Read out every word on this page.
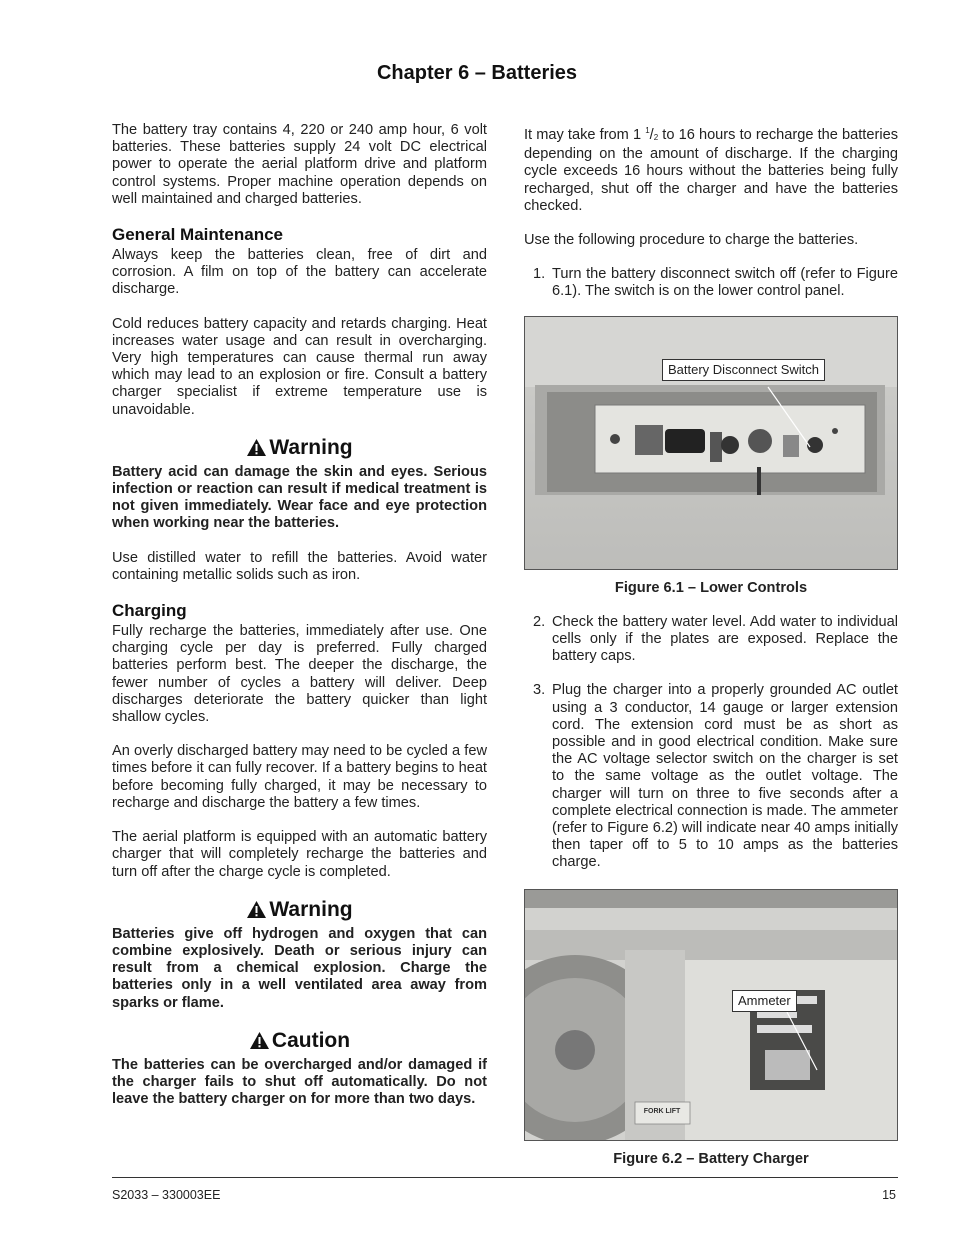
Chapter 6 – Batteries

The battery tray contains 4, 220 or 240 amp hour, 6 volt batteries. These batteries supply 24 volt DC electrical power to operate the aerial platform drive and platform control systems. Proper machine operation depends on well maintained and charged batteries.

General Maintenance

Always keep the batteries clean, free of dirt and corrosion. A film on top of the battery can accelerate discharge.

Cold reduces battery capacity and retards charging. Heat increases water usage and can result in overcharging. Very high temperatures can cause thermal run away which may lead to an explosion or fire. Consult a battery charger specialist if extreme temperature use is unavoidable.

Warning

Battery acid can damage the skin and eyes. Serious infection or reaction can result if medical treatment is not given immediately. Wear face and eye protection when working near the batteries.

Use distilled water to refill the batteries. Avoid water containing metallic solids such as iron.

Charging

Fully recharge the batteries, immediately after use. One charging cycle per day is preferred. Fully charged batteries perform best. The deeper the discharge, the fewer number of cycles a battery will deliver. Deep discharges deteriorate the battery quicker than light shallow cycles.

An overly discharged battery may need to be cycled a few times before it can fully recover. If a battery begins to heat before becoming fully charged, it may be necessary to recharge and discharge the battery a few times.

The aerial platform is equipped with an automatic battery charger that will completely recharge the batteries and turn off after the charge cycle is completed.

Warning

Batteries give off hydrogen and oxygen that can combine explosively. Death or serious injury can result from a chemical explosion. Charge the batteries only in a well ventilated area away from sparks or flame.

Caution

The batteries can be overcharged and/or damaged if the charger fails to shut off automatically. Do not leave the battery charger on for more than two days.

It may take from 1 $^1/_2$ to 16 hours to recharge the batteries depending on the amount of discharge. If the charging cycle exceeds 16 hours without the batteries being fully recharged, shut off the charger and have the batteries checked.

Use the following procedure to charge the batteries.

1. Turn the battery disconnect switch off (refer to Figure 6.1). The switch is on the lower control panel.
Battery Disconnect Switch
Figure 6.1 – Lower Controls
2. Check the battery water level. Add water to individual cells only if the plates are exposed. Replace the battery caps.
3. Plug the charger into a properly grounded AC outlet using a 3 conductor, 14 gauge or larger extension cord. The extension cord must be as short as possible and in good electrical condition. Make sure the AC voltage selector switch on the charger is set to the same voltage as the outlet voltage. The charger will turn on three to five seconds after a complete electrical connection is made. The ammeter (refer to Figure 6.2) will indicate near 40 amps initially then taper off to 5 to 10 amps as the batteries charge.
FORK LIFT
Ammeter
Figure 6.2 – Battery Charger
S2033 – 330003EE	15
